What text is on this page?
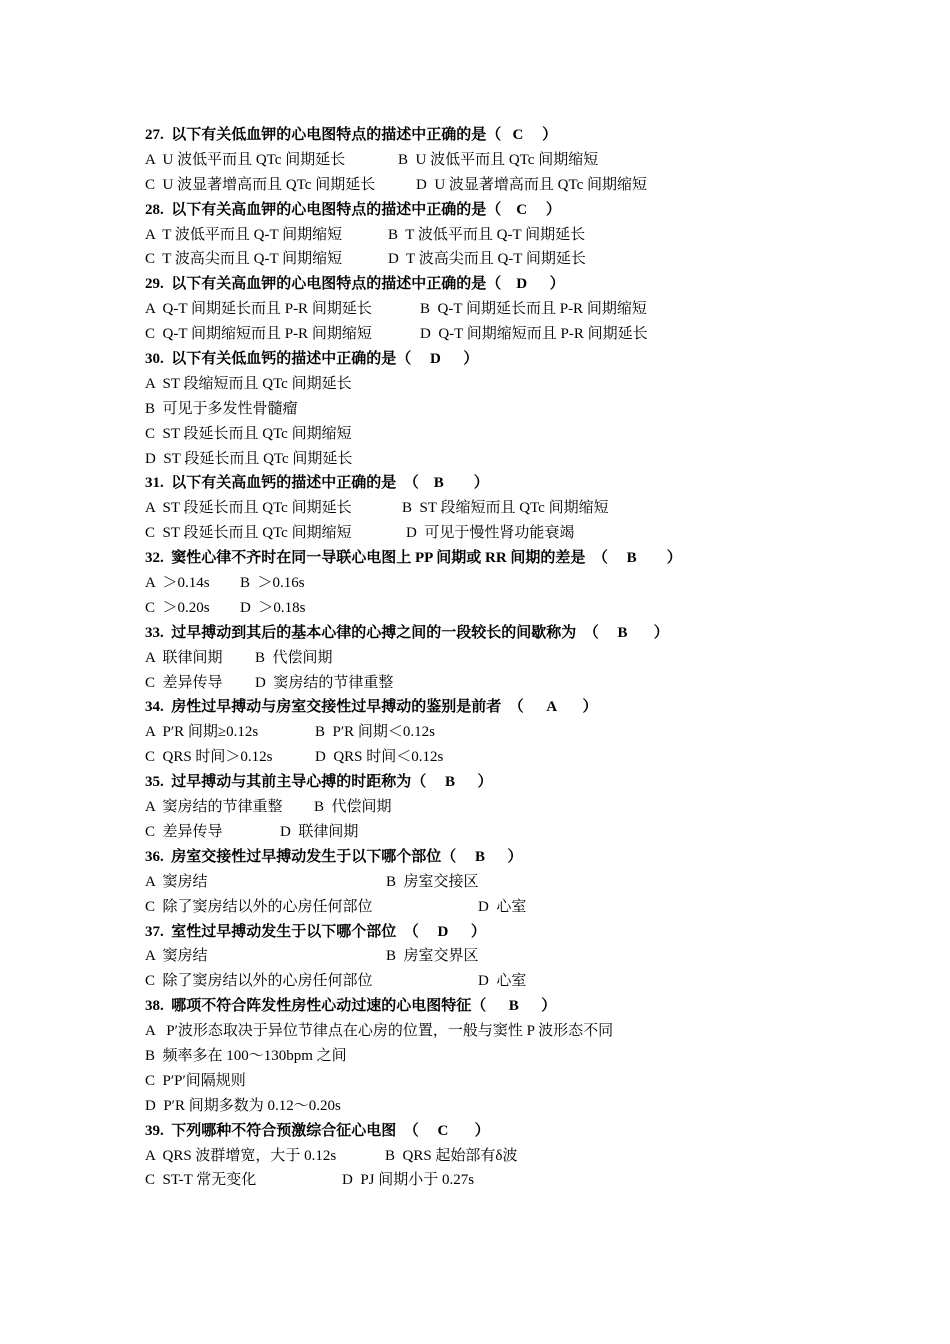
27. 以下有关低血钾的心电图特点的描述中正确的是（ C ）
A  U 波低平而且 QTc 间期延长	B  U 波低平而且 QTc 间期缩短
C  U 波显著增高而且 QTc 间期延长	D  U 波显著增高而且 QTc 间期缩短
28. 以下有关高血钾的心电图特点的描述中正确的是（ C ）
A  T 波低平而且 Q-T 间期缩短	B  T 波低平而且 Q-T 间期延长
C  T 波高尖而且 Q-T 间期缩短	D  T 波高尖而且 Q-T 间期延长
29. 以下有关高血钾的心电图特点的描述中正确的是（ D ）
A  Q-T 间期延长而且 P-R 间期延长	B  Q-T 间期延长而且 P-R 间期缩短
C  Q-T 间期缩短而且 P-R 间期缩短	D  Q-T 间期缩短而且 P-R 间期延长
30. 以下有关低血钙的描述中正确的是（ D ）
A  ST 段缩短而且 QTc 间期延长
B  可见于多发性骨髓瘤
C  ST 段延长而且 QTc 间期缩短
D  ST 段延长而且 QTc 间期延长
31. 以下有关高血钙的描述中正确的是  （ B ）
A  ST 段延长而且 QTc 间期延长	B  ST 段缩短而且 QTc 间期缩短
C  ST 段延长而且 QTc 间期缩短	D  可见于慢性肾功能衰竭
32. 窦性心律不齐时在同一导联心电图上 PP 间期或 RR 间期的差是  （ B ）
A  ＞0.14s B  ＞0.16s
C  ＞0.20s D  ＞0.18s
33. 过早搏动到其后的基本心律的心搏之间的一段较长的间歇称为  （ B ）
A  联律间期 B  代偿间期
C  差异传导 D  窦房结的节律重整
34. 房性过早搏动与房室交接性过早搏动的鉴别是前者  （ A ）
A  P′R 间期≥0.12s	B  P′R 间期＜0.12s
C  QRS 时间＞0.12s	D  QRS 时间＜0.12s
35. 过早搏动与其前主导心搏的时距称为（ B ）
A  窦房结的节律重整 B  代偿间期
C  差异传导	D  联律间期
36. 房室交接性过早搏动发生于以下哪个部位（ B ）
A  窦房结	B  房室交接区
C  除了窦房结以外的心房任何部位	D  心室
37. 室性过早搏动发生于以下哪个部位  （ D ）
A  窦房结	B  房室交界区
C  除了窦房结以外的心房任何部位	D  心室
38. 哪项不符合阵发性房性心动过速的心电图特征（ B ）
A   P′波形态取决于异位节律点在心房的位置，一般与窦性 P 波形态不同
B  频率多在 100～130bpm 之间
C  P′P′间隔规则
D  P′R 间期多数为 0.12～0.20s
39. 下列哪种不符合预激综合征心电图  （ C ）
A  QRS 波群增宽，大于 0.12s	B  QRS 起始部有δ波
C  ST-T 常无变化	D  PJ 间期小于 0.27s
